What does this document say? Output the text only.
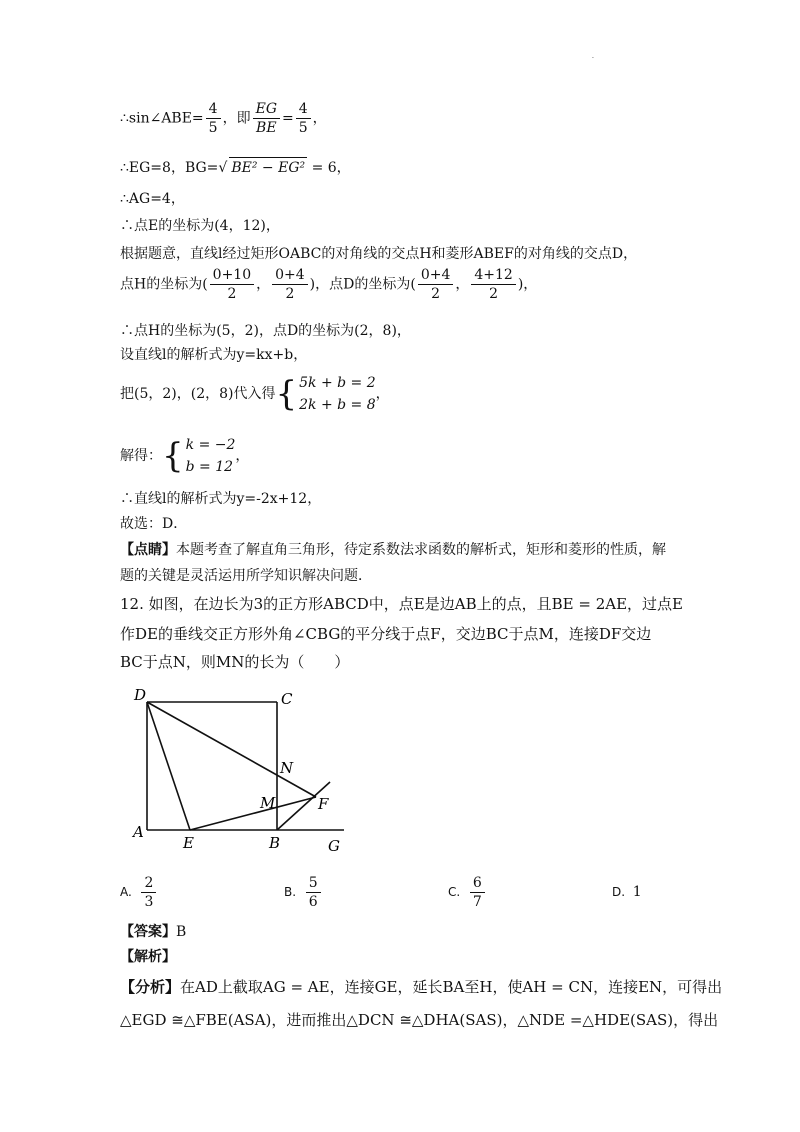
·
∴sin∠ABE= $\frac{4}{5}$ ，即 $\frac{EG}{BE} = \frac{4}{5}$ ，
∴EG=8，BG=√ BE² − EG² = 6，
∴AG=4，
∴点E的坐标为(4，12)，
根据题意，直线l经过矩形OABC的对角线的交点H和菱形ABEF的对角线的交点D，
点H的坐标为( $\frac{0+10}{2}$ ， $\frac{0+4}{2}$ )，点D的坐标为( $\frac{0+4}{2}$ ， $\frac{4+12}{2}$ )，
∴点H的坐标为(5，2)，点D的坐标为(2，8)，
设直线l的解析式为y=kx+b，
把(5，2)，(2，8)代入得{ 5k + b = 2
2k + b = 8
，
解得：{ k = −2
b = 12
，
∴直线l的解析式为y=-2x+12，
故选：D．
【点睛】本题考查了解直角三角形，待定系数法求函数的解析式，矩形和菱形的性质，解
题的关键是灵活运用所学知识解决问题．
12. 如图，在边长为3的正方形ABCD中，点E是边AB上的点，且BE = 2AE，过点E
作DE的垂线交正方形外角∠CBG的平分线于点F，交边BC于点M，连接DF交边
BC于点N，则MN的长为（　　）
D	C
N
M	F
A
E	B	G
A. $\frac{2}{3}$	B. $\frac{5}{6}$	C. $\frac{6}{7}$	D. 1
【答案】B
【解析】
【分析】在AD上截取AG = AE，连接GE，延长BA至H，使AH = CN，连接EN，可得出
△EGD ≅△FBE(ASA)，进而推出△DCN ≅△DHA(SAS)，△NDE =△HDE(SAS)，得出
